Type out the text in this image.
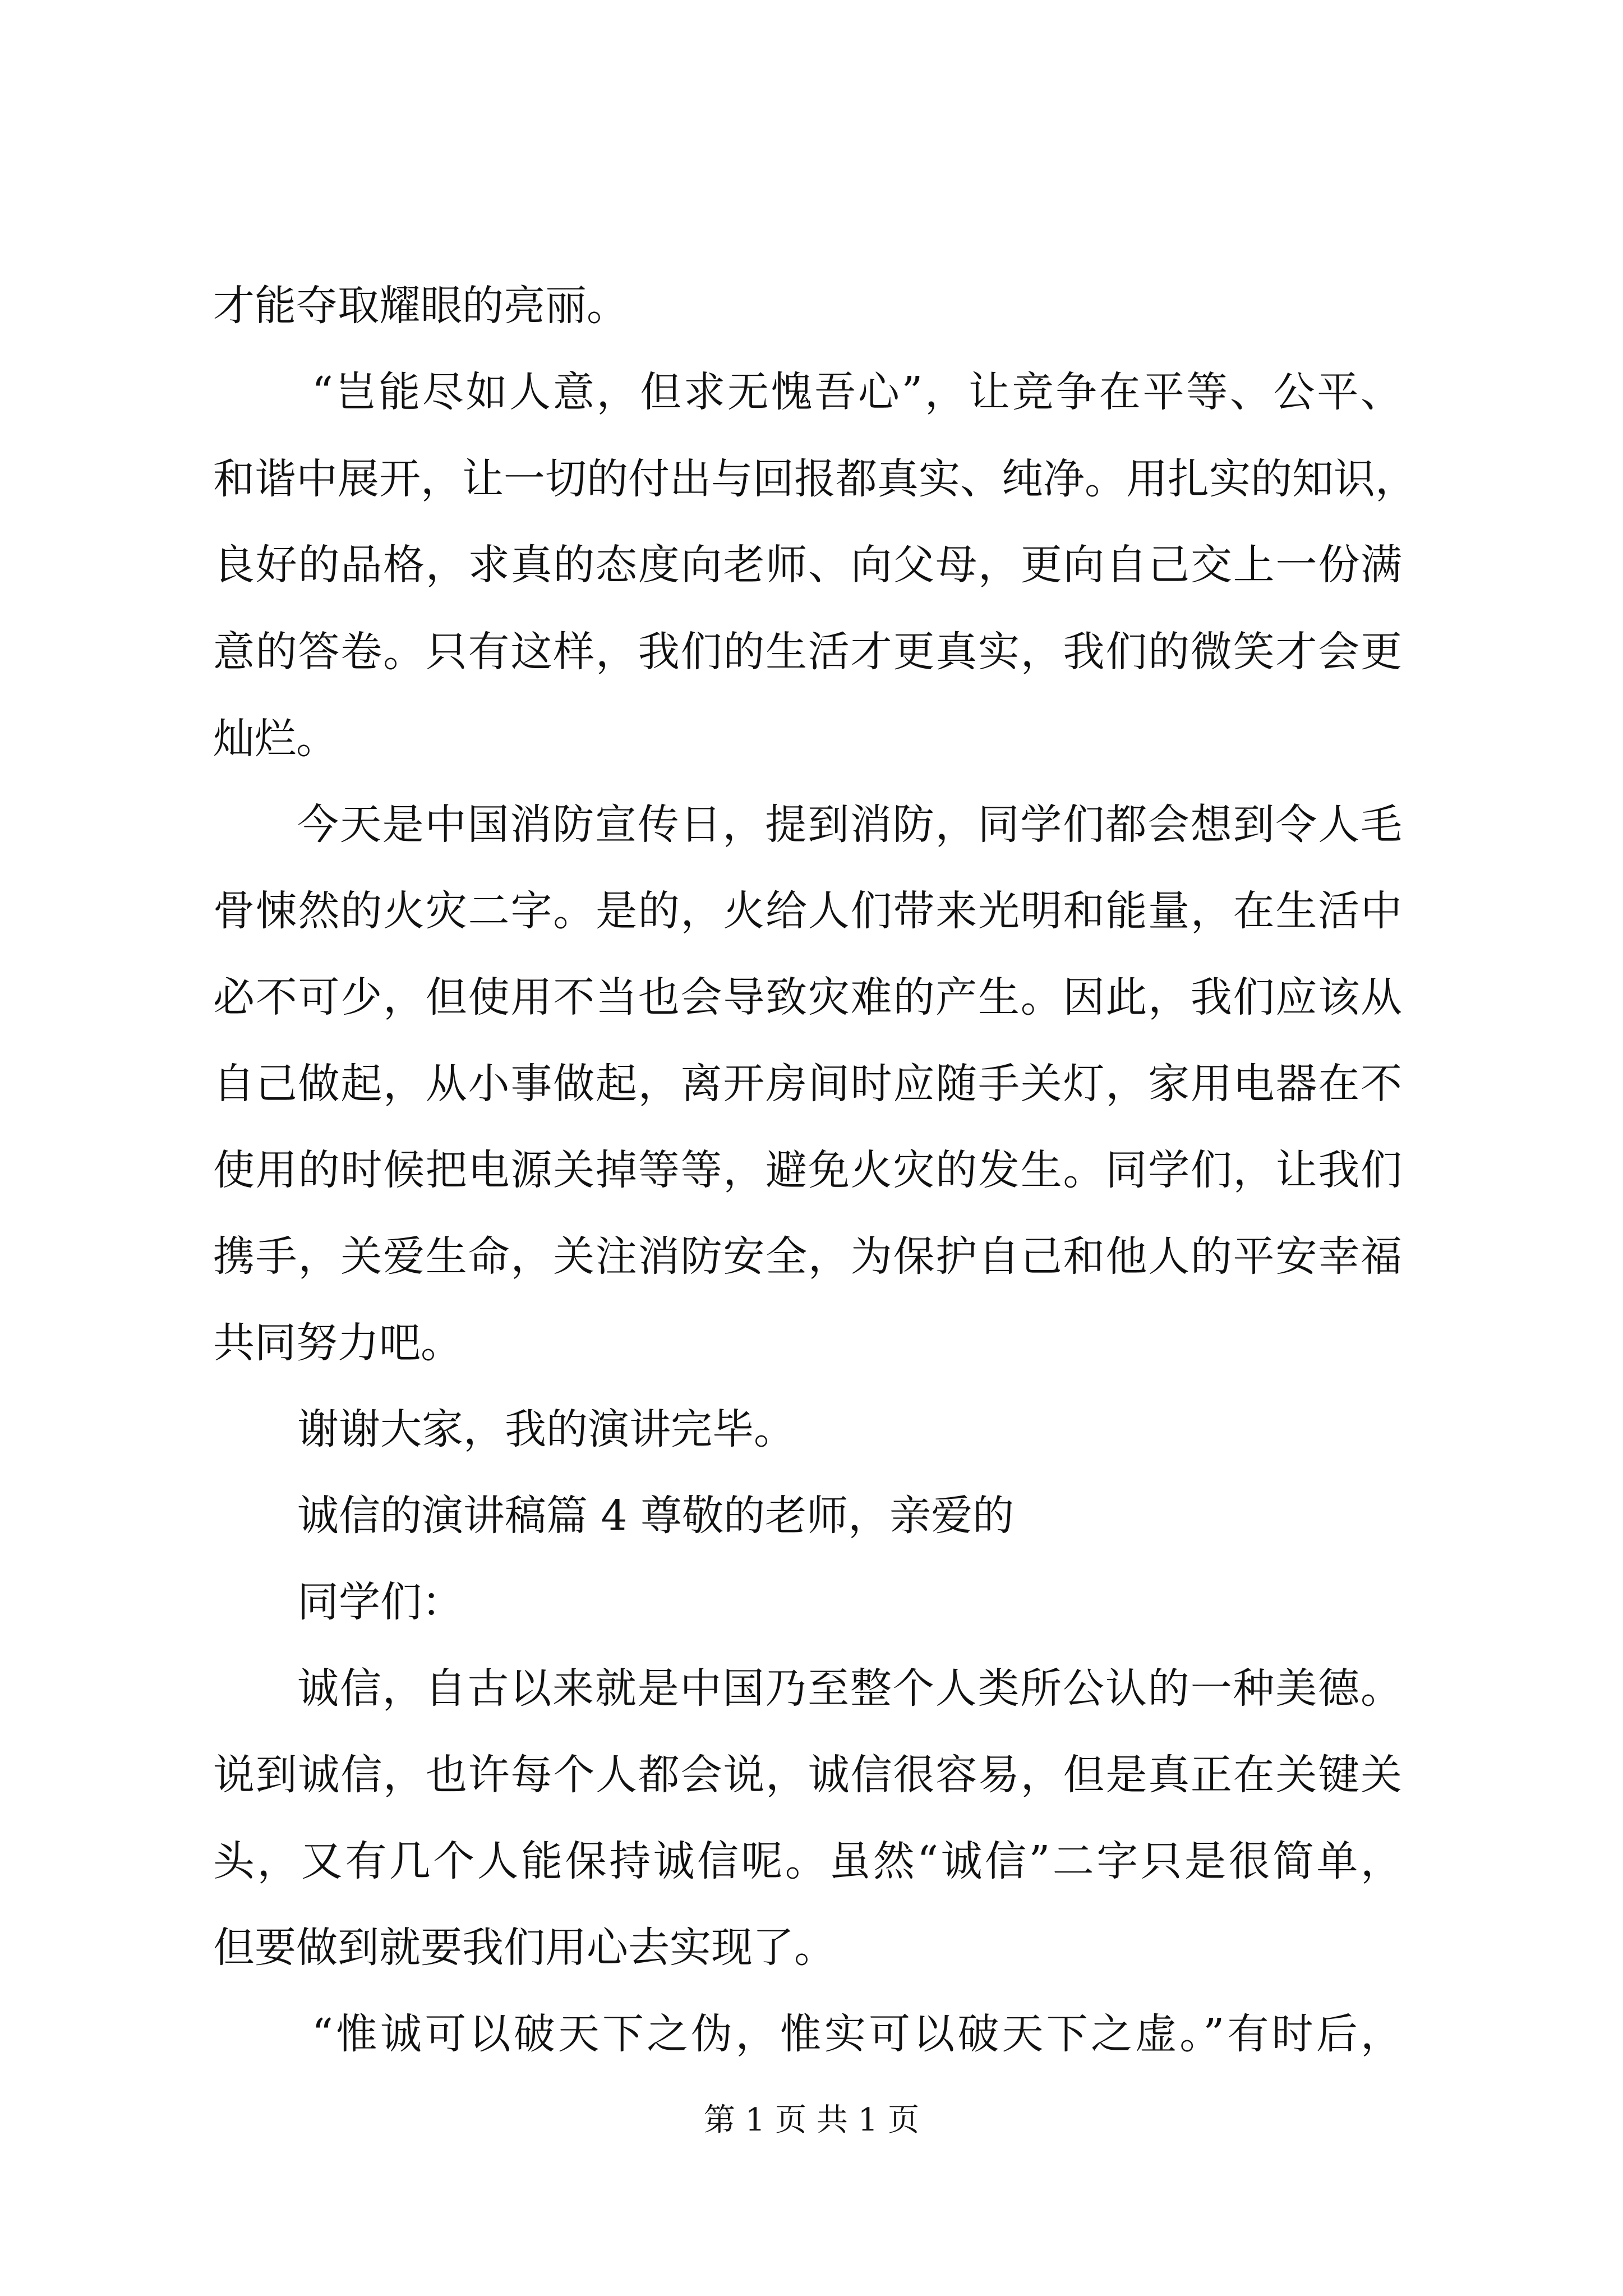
才能夺取耀眼的亮丽。
“岂能尽如人意，但求无愧吾心”，让竞争在平等、公平、
和谐中展开，让一切的付出与回报都真实、纯净。用扎实的知识，
良好的品格，求真的态度向老师、向父母，更向自己交上一份满
意的答卷。只有这样，我们的生活才更真实，我们的微笑才会更
灿烂。
今天是中国消防宣传日，提到消防，同学们都会想到令人毛
骨悚然的火灾二字。是的，火给人们带来光明和能量，在生活中
必不可少，但使用不当也会导致灾难的产生。因此，我们应该从
自己做起，从小事做起，离开房间时应随手关灯，家用电器在不
使用的时候把电源关掉等等，避免火灾的发生。同学们，让我们
携手，关爱生命，关注消防安全，为保护自己和他人的平安幸福
共同努力吧。
谢谢大家，我的演讲完毕。
诚信的演讲稿篇 4 尊敬的老师，亲爱的
同学们：
诚信，自古以来就是中国乃至整个人类所公认的一种美德。
说到诚信，也许每个人都会说，诚信很容易，但是真正在关键关
头，又有几个人能保持诚信呢。虽然“诚信”二字只是很简单，
但要做到就要我们用心去实现了。
“惟诚可以破天下之伪，惟实可以破天下之虚。”有时后，
第 1 页 共 1 页
